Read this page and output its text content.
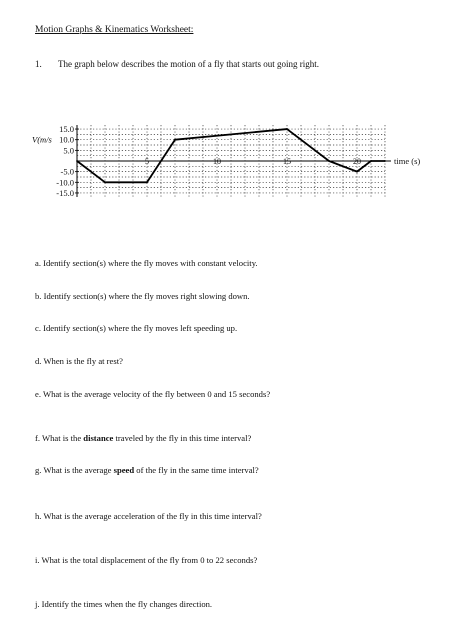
Motion Graphs & Kinematics Worksheet:
1. The graph below describes the motion of a fly that starts out going right.
15.0
10.0
5.0
-5.0
-10.0
-15.0
V(m/s
5	10	15	20	time (s)
a. Identify section(s) where the fly moves with constant velocity.
b. Identify section(s) where the fly moves right slowing down.
c. Identify section(s) where the fly moves left speeding up.
d. When is the fly at rest?
e. What is the average velocity of the fly between 0 and 15 seconds?
f. What is the distance traveled by the fly in this time interval?
g. What is the average speed of the fly in the same time interval?
h. What is the average acceleration of the fly in this time interval?
i. What is the total displacement of the fly from 0 to 22 seconds?
j. Identify the times when the fly changes direction.
